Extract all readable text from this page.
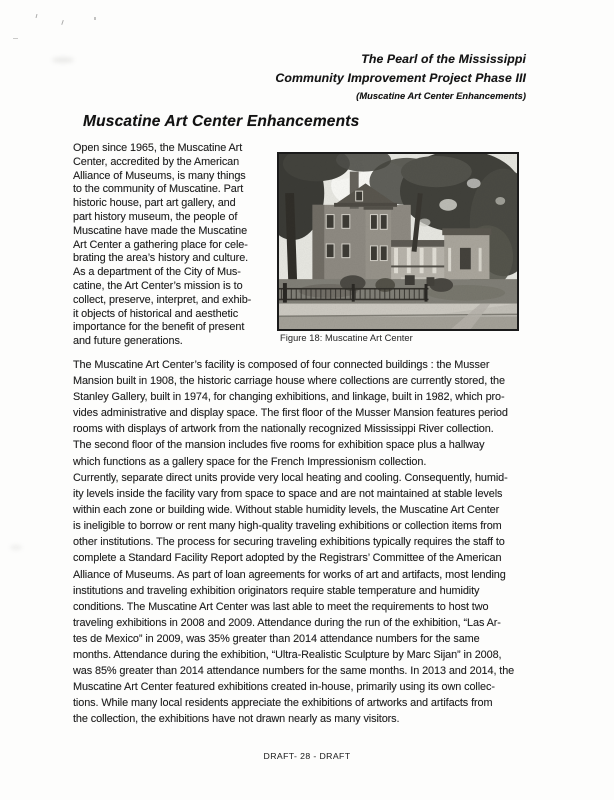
The Pearl of the Mississippi
Community Improvement Project Phase III
(Muscatine Art Center Enhancements)
Muscatine Art Center Enhancements
Open since 1965, the Muscatine Art
Center, accredited by the American
Alliance of Museums, is many things
to the community of Muscatine. Part
historic house, part art gallery, and
part history museum, the people of
Muscatine have made the Muscatine
Art Center a gathering place for cele-
brating the area’s history and culture.
As a department of the City of Mus-
catine, the Art Center’s mission is to
collect, preserve, interpret, and exhib-
it objects of historical and aesthetic
importance for the benefit of present
and future generations.	Figure 18: Muscatine Art Center
The Muscatine Art Center’s facility is composed of four connected buildings : the Musser
Mansion built in 1908, the historic carriage house where collections are currently stored, the
Stanley Gallery, built in 1974, for changing exhibitions, and linkage, built in 1982, which pro-
vides administrative and display space. The first floor of the Musser Mansion features period
rooms with displays of artwork from the nationally recognized Mississippi River collection.
The second floor of the mansion includes five rooms for exhibition space plus a hallway
which functions as a gallery space for the French Impressionism collection.
Currently, separate direct units provide very local heating and cooling. Consequently, humid-
ity levels inside the facility vary from space to space and are not maintained at stable levels
within each zone or building wide. Without stable humidity levels, the Muscatine Art Center
is ineligible to borrow or rent many high-quality traveling exhibitions or collection items from
other institutions. The process for securing traveling exhibitions typically requires the staff to
complete a Standard Facility Report adopted by the Registrars’ Committee of the American
Alliance of Museums. As part of loan agreements for works of art and artifacts, most lending
institutions and traveling exhibition originators require stable temperature and humidity
conditions. The Muscatine Art Center was last able to meet the requirements to host two
traveling exhibitions in 2008 and 2009. Attendance during the run of the exhibition, “Las Ar-
tes de Mexico” in 2009, was 35% greater than 2014 attendance numbers for the same
months. Attendance during the exhibition, “Ultra-Realistic Sculpture by Marc Sijan” in 2008,
was 85% greater than 2014 attendance numbers for the same months. In 2013 and 2014, the
Muscatine Art Center featured exhibitions created in-house, primarily using its own collec-
tions. While many local residents appreciate the exhibitions of artworks and artifacts from
the collection, the exhibitions have not drawn nearly as many visitors.
DRAFT- 28 - DRAFT
